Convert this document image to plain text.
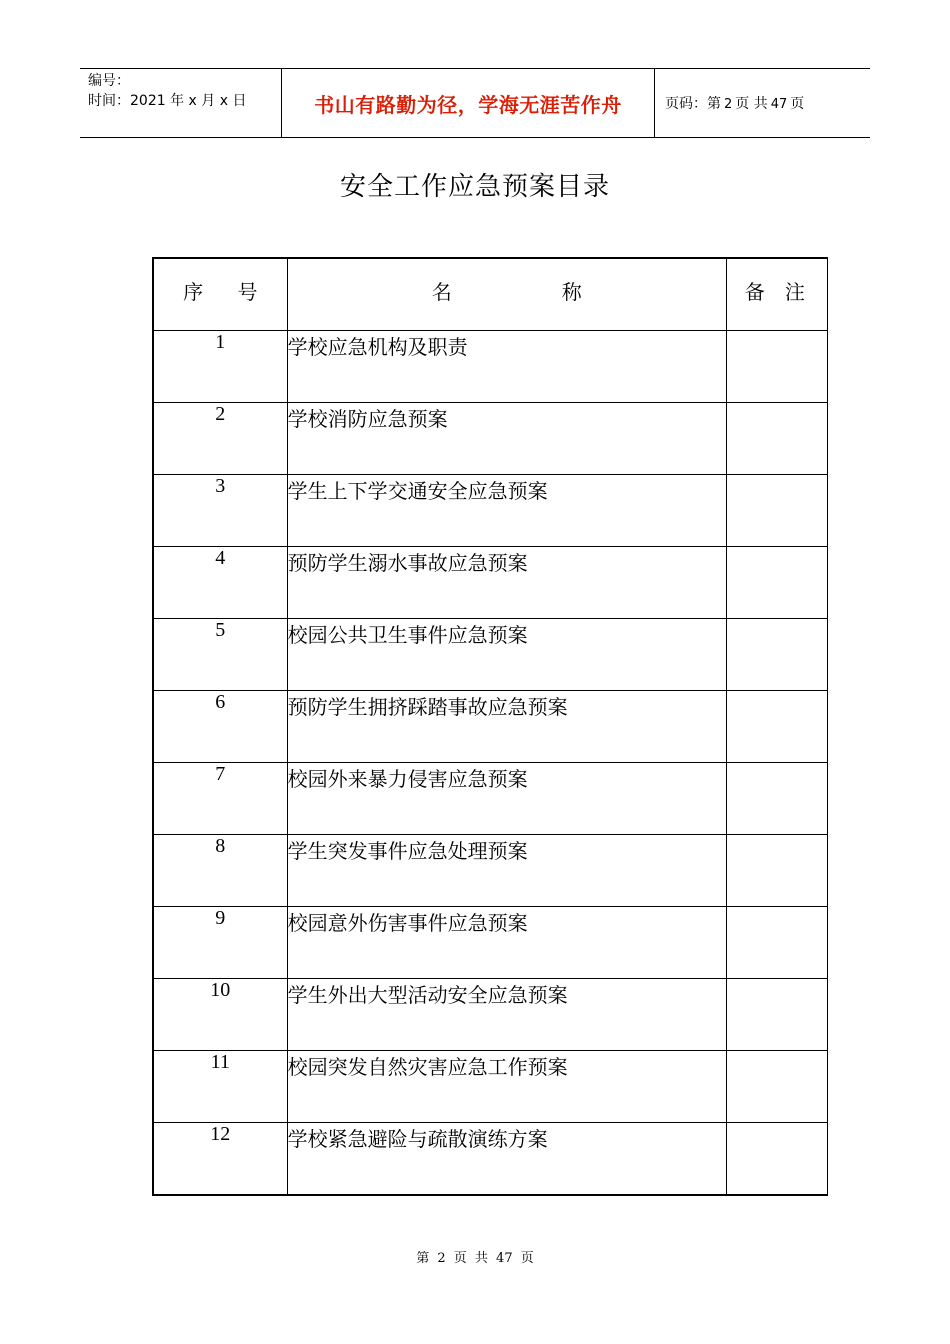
编号：
时间：2021 年 x 月 x 日	书山有路勤为径，学海无涯苦作舟	页码：第 2 页 共 47 页
安全工作应急预案目录
序 号	名 称	备注

1	学校应急机构及职责	
2	学校消防应急预案	
3	学生上下学交通安全应急预案	
4	预防学生溺水事故应急预案	
5	校园公共卫生事件应急预案	
6	预防学生拥挤踩踏事故应急预案	
7	校园外来暴力侵害应急预案	
8	学生突发事件应急处理预案	
9	校园意外伤害事件应急预案	
10	学生外出大型活动安全应急预案	
11	校园突发自然灾害应急工作预案	
12	学校紧急避险与疏散演练方案	
第 2 页 共 47 页
